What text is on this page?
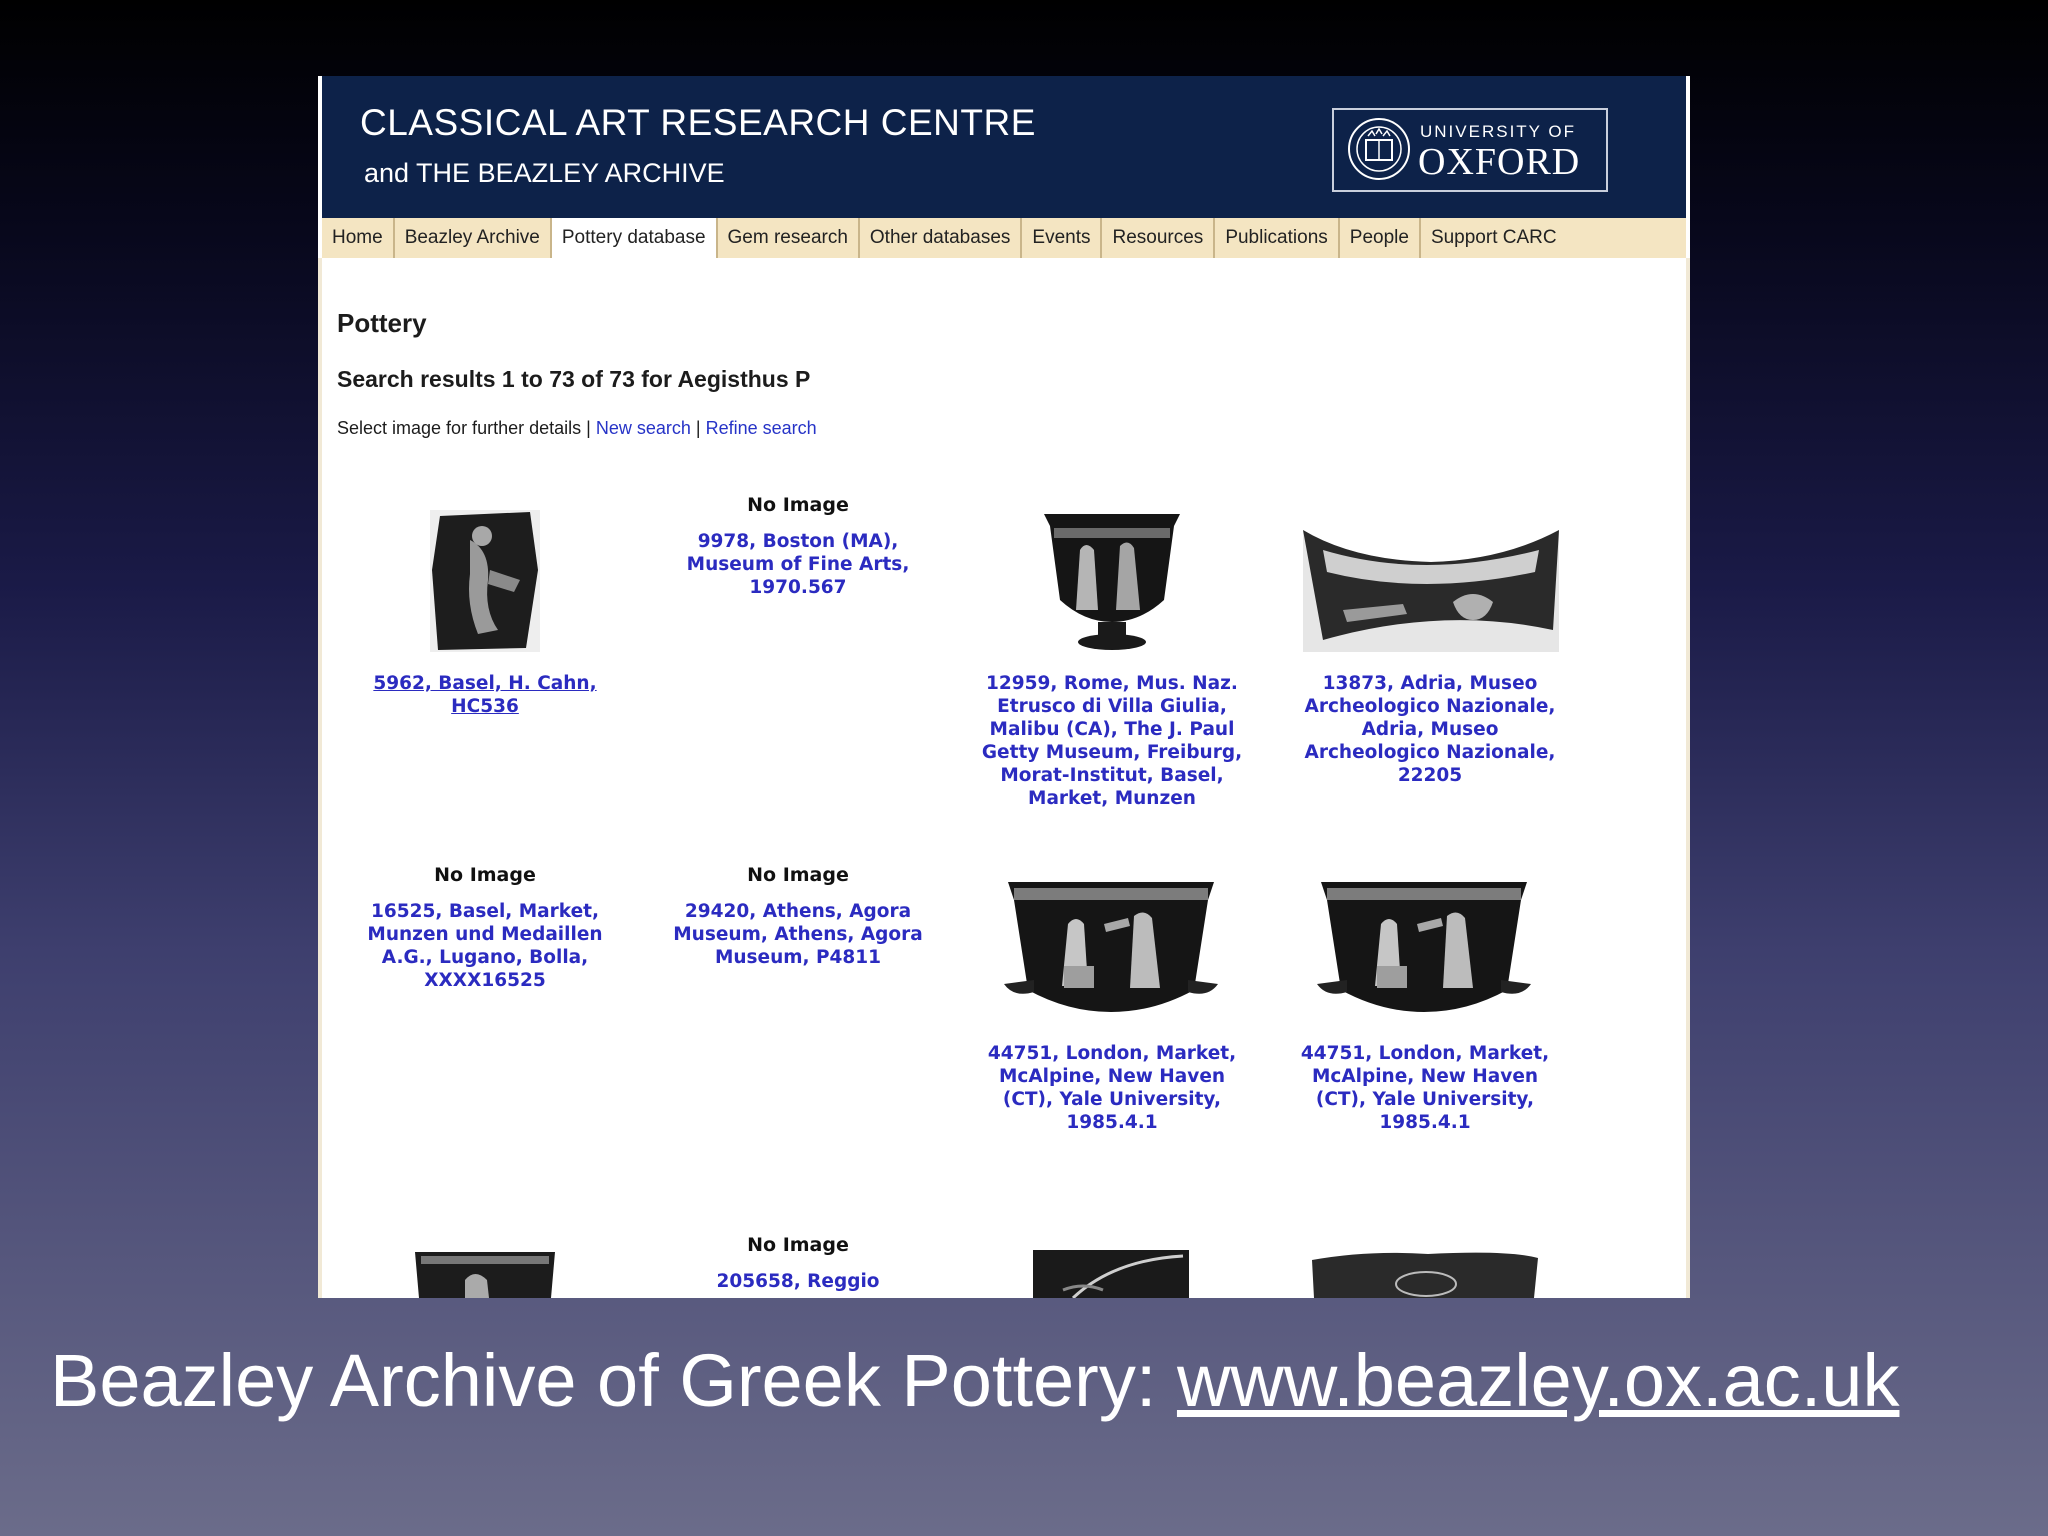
CLASSICAL ART RESEARCH CENTRE
and THE BEAZLEY ARCHIVE
UNIVERSITY OF
OXFORD
Home	Beazley Archive	Pottery database	Gem research	Other databases	Events	Resources	Publications	People	Support CARC
Pottery
Search results 1 to 73 of 73 for Aegisthus P
Select image for further details | New search | Refine search
5962, Basel, H. Cahn, HC536
No Image
9978, Boston (MA), Museum of Fine Arts, 1970.567
12959, Rome, Mus. Naz. Etrusco di Villa Giulia, Malibu (CA), The J. Paul Getty Museum, Freiburg, Morat-Institut, Basel, Market, Munzen
13873, Adria, Museo Archeologico Nazionale, Adria, Museo Archeologico Nazionale, 22205
No Image
16525, Basel, Market, Munzen und Medaillen A.G., Lugano, Bolla, XXXX16525
No Image
29420, Athens, Agora Museum, Athens, Agora Museum, P4811
44751, London, Market, McAlpine, New Haven (CT), Yale University, 1985.4.1
44751, London, Market, McAlpine, New Haven (CT), Yale University, 1985.4.1
No Image
205658, Reggio
Beazley Archive of Greek Pottery: www.beazley.ox.ac.uk
